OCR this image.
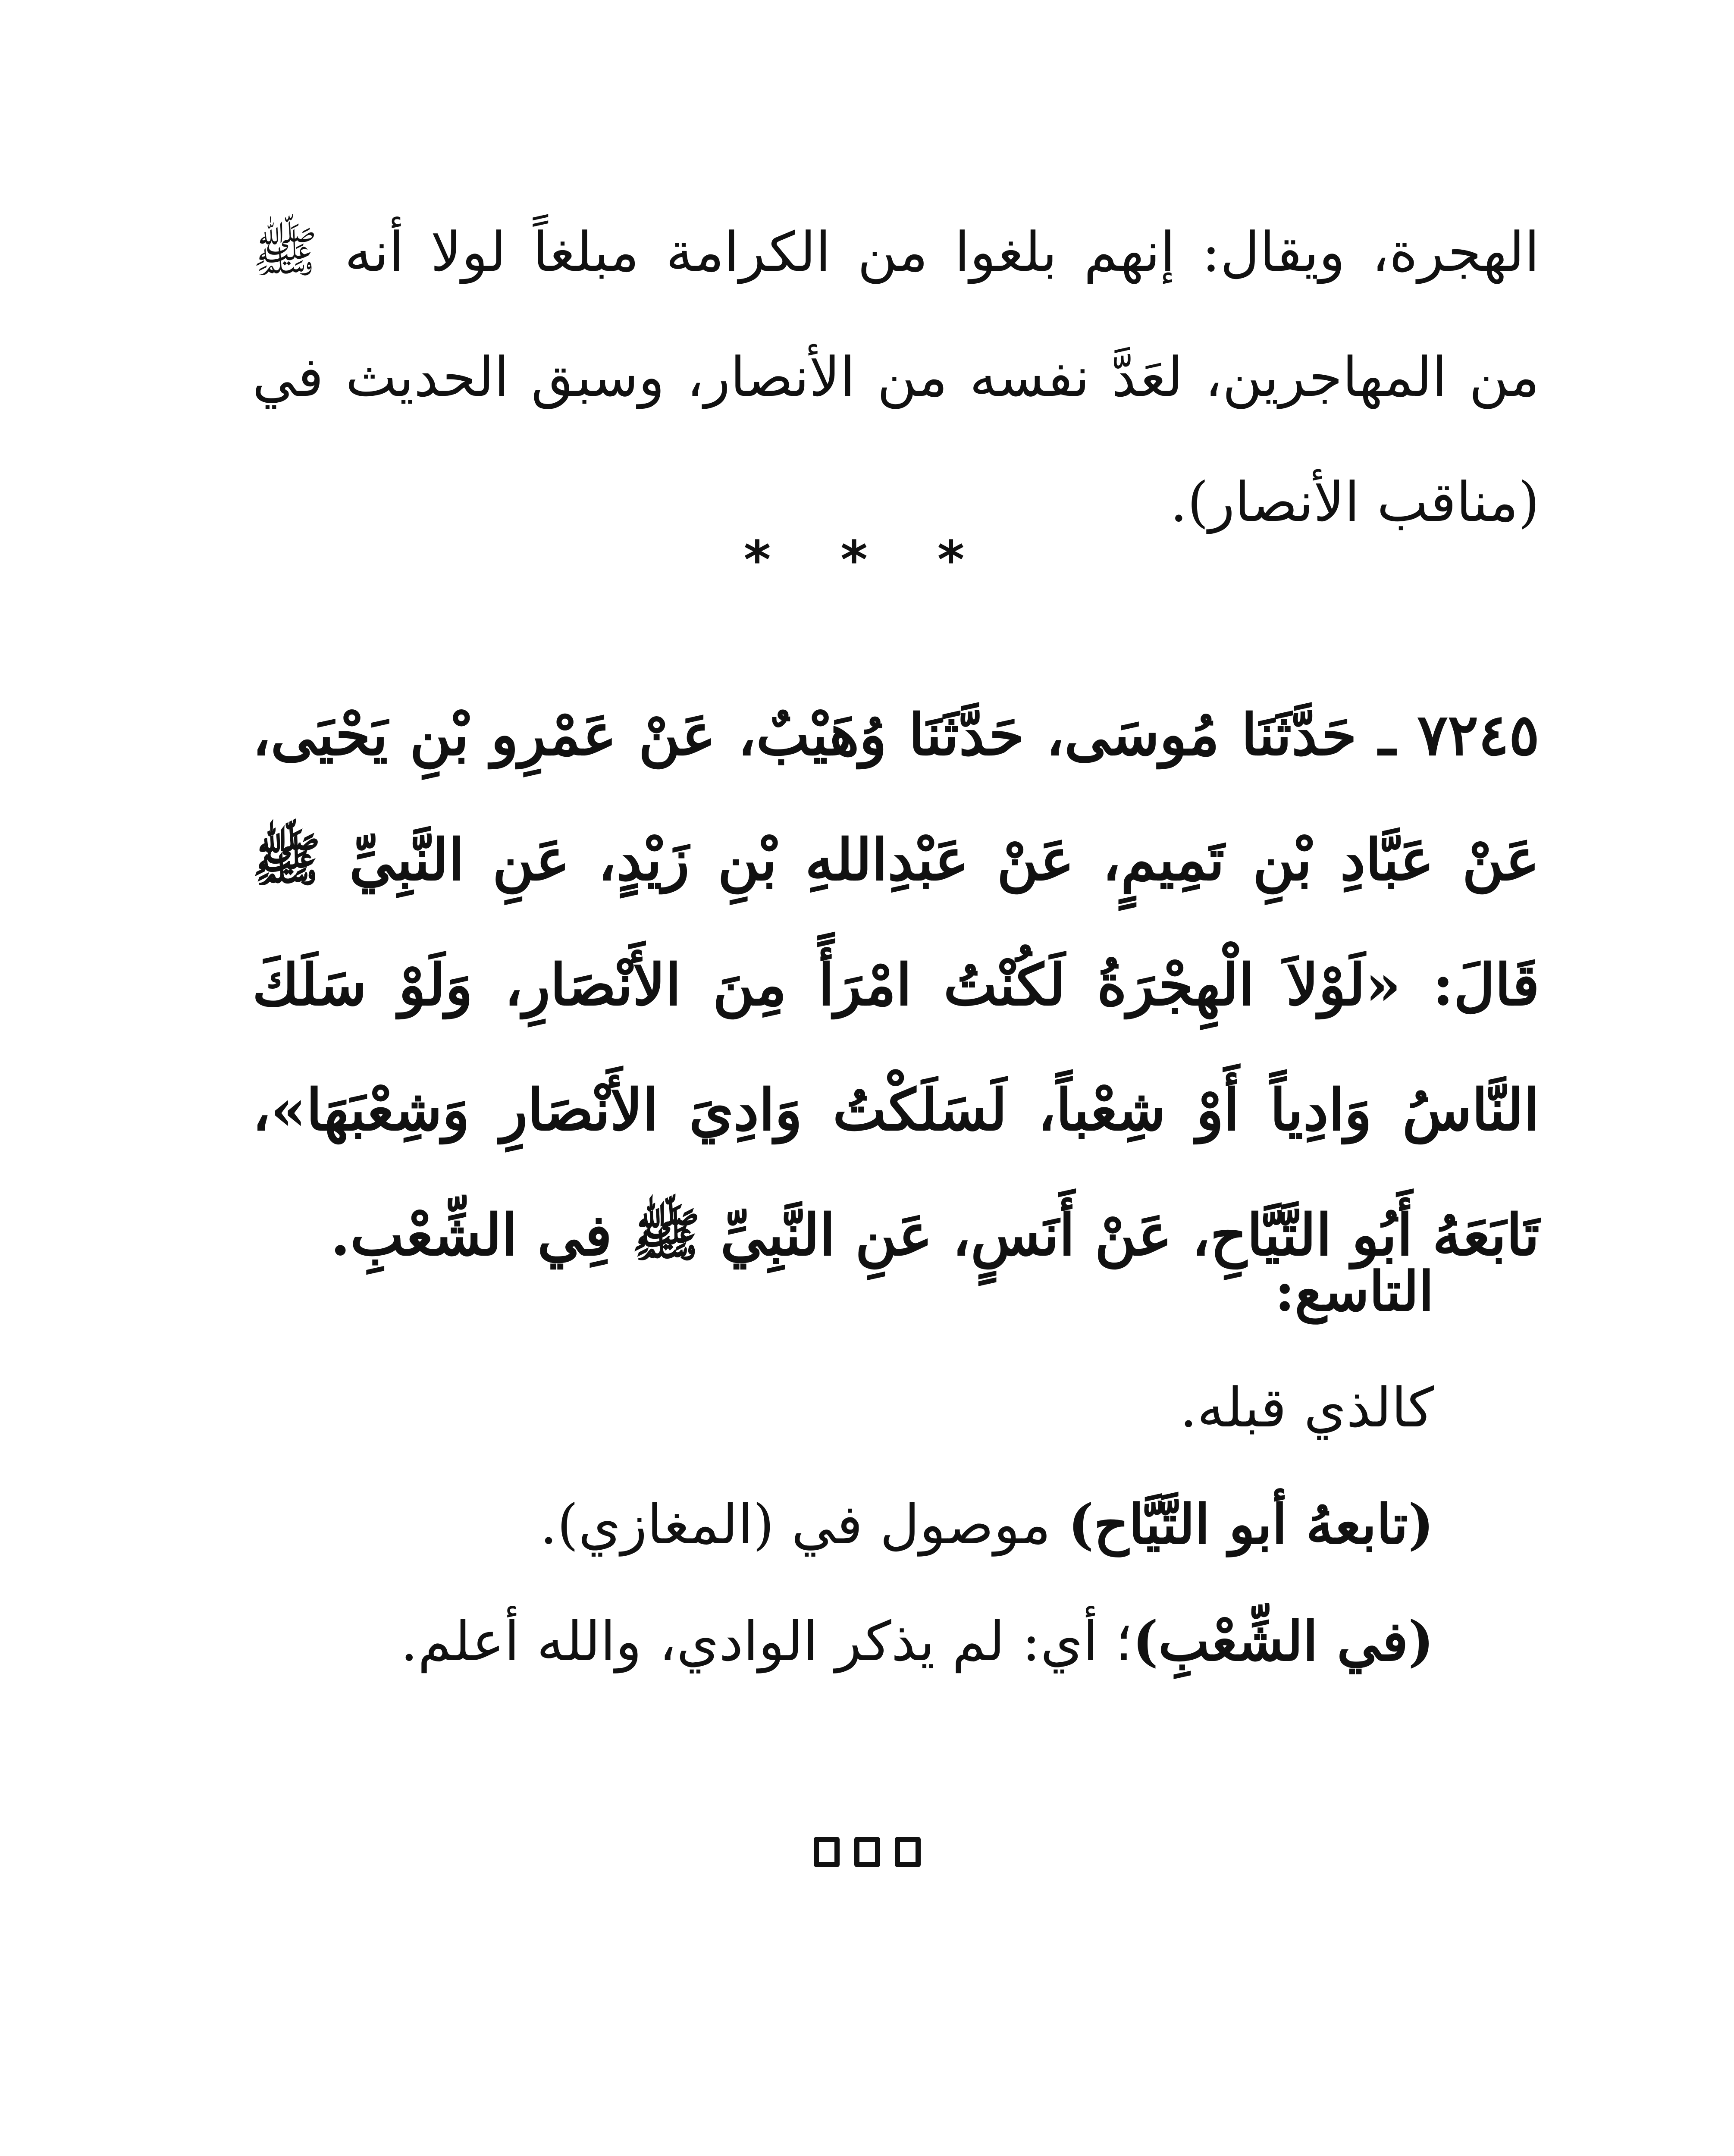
الهجرة، ويقال: إنهم بلغوا من الكرامة مبلغاً لولا أنه ﷺ من المهاجرين، لعَدَّ نفسه من الأنصار، وسبق الحديث في (مناقب الأنصار).

* * *

٧٢٤٥ ـ حَدَّثَنَا مُوسَى، حَدَّثَنَا وُهَيْبٌ، عَنْ عَمْرِو بْنِ يَحْيَى، عَنْ عَبَّادِ بْنِ تَمِيمٍ، عَنْ عَبْدِاللهِ بْنِ زَيْدٍ، عَنِ النَّبِيِّ ﷺ قَالَ: «لَوْلاَ الْهِجْرَةُ لَكُنْتُ امْرَأً مِنَ الأَنْصَارِ، وَلَوْ سَلَكَ النَّاسُ وَادِياً أَوْ شِعْباً، لَسَلَكْتُ وَادِيَ الأَنْصَارِ وَشِعْبَهَا»، تَابَعَهُ أَبُو التَّيَّاحِ، عَنْ أَنَسٍ، عَنِ النَّبِيِّ ﷺ فِي الشِّعْبِ.

التاسع:
كالذي قبله.
(تابعهُ أبو التَّيَّاح) موصول في (المغازي).
(في الشِّعْبِ)؛ أي: لم يذكر الوادي، والله أعلم.
